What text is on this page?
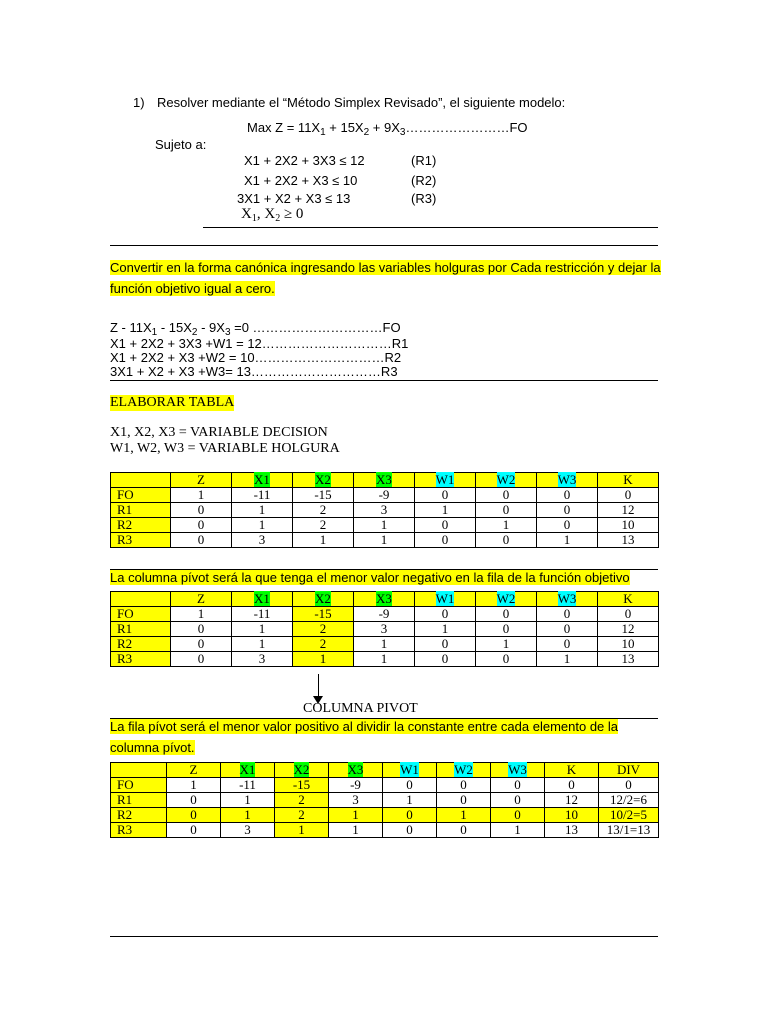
1) Resolver mediante el “Método Simplex Revisado”, el siguiente modelo:
Max $Z = 11X_1 + 15X_2$ + $9X_3\dots\dots\dots\dots\dots\dots\dots\dots FO$
Sujeto a:
X1 + 2X2 + 3X3 ≤ 12	(R1)
X1 + 2X2 + X3 ≤ 10	(R2)
3X1 + X2 + X3 ≤ 13	(R3)
$X_1$, $X_2 \ge 0$
Convertir en la forma canónica ingresando las variables holguras por Cada restricción y dejar la
función objetivo igual a cero.
$Z - 11X_1 - 15X_2 - 9X_3 =0$ …………………………FO
X1 + 2X2 + 3X3 +W1 = 12…………………………R1
X1 + 2X2 + X3 +W2 = 10…………………………R2
3X1 + X2 + X3 +W3= 13…………………………R3
ELABORAR TABLA
X1, X2, X3 = VARIABLE DECISION
W1, W2, W3 = VARIABLE HOLGURA
	Z	X1	X2	X3	W1	W2	W3	K
FO	1	-11	-15	-9	0	0	0	0
R1	0	1	2	3	1	0	0	12
R2	0	1	2	1	0	1	0	10
R3	0	3	1	1	0	0	1	13
La columna pívot será la que tenga el menor valor negativo en la fila de la función objetivo
	Z	X1	X2	X3	W1	W2	W3	K
FO	1	-11	-15	-9	0	0	0	0
R1	0	1	2	3	1	0	0	12
R2	0	1	2	1	0	1	0	10
R3	0	3	1	1	0	0	1	13
COLUMNA PIVOT
La fila pívot será el menor valor positivo al dividir la constante entre cada elemento de la
columna pívot.
	Z	X1	X2	X3	W1	W2	W3	K	DIV
FO	1	-11	-15	-9	0	0	0	0	0
R1	0	1	2	3	1	0	0	12	12/2=6
R2	0	1	2	1	0	1	0	10	10/2=5
R3	0	3	1	1	0	0	1	13	13/1=13
